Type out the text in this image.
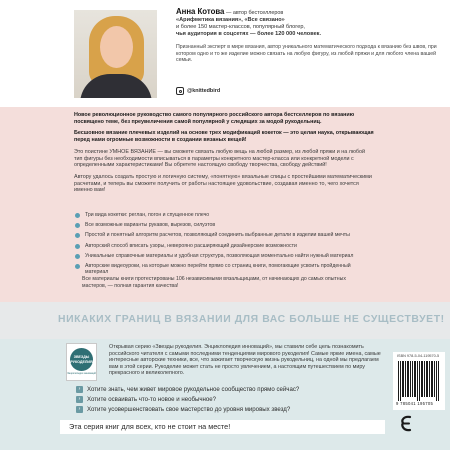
Анна Котова — автор бестселлеров
«Арифметика вязания», «Все связано»
и более 150 мастер-классов, популярный блогер,
чья аудитория в соцсетях — более 120 000 человек.
Признанный эксперт в мире вязания, автор уникального математического подхода к вязанию без швов, при котором одно и то же изделие можно связать на любую фигуру, из любой пряжи и для любого члена вашей семьи.
@knittedbird

Новое революционное руководство самого популярного российского автора бестселлеров по вязанию посвящено теме, без преувеличения самой популярной у следящих за модой рукодельниц.

Бесшовное вязание плечевых изделий на основе трех модификаций кокеток — это целая наука, открывающая перед нами огромные возможности в создании вязаных вещей!

Это поистине УМНОЕ ВЯЗАНИЕ — вы сможете связать любую вещь на любой размер, из любой пряжи и на любой тип фигуры без необходимости вписываться в параметры конкретного мастер-класса или конкретной модели с определенными характеристиками! Вы обретете настоящую свободу творчества, свободу действий!

Автору удалось создать простую и логичную систему, «понятную» вязальные спицы с простейшими математическими расчетами, и теперь вы сможете получить от работы настоящее удовольствие, создавая именно то, чего хочется именно вам!

Три вида кокетки: реглан, погон и спущенное плечо
Все возможные варианты рукавов, вырезов, силуэтов
Простой и понятный алгоритм расчетов, позволяющий соединить выбранные детали в изделии вашей мечты
Авторский способ вписать узоры, неверояно расширяющий дизайнерские возможности
Уникальные справочные материалы и удобная структура, позволяющая моментально найти нужный материал
Авторские видеоуроки, на которые можно перейти прямо со страниц книги, помогающие усвоить пройденный материал
Все материалы книги протестированы 106 независимыми вязальщицами, от начинающих до самых опытных мастеров, — полная гарантия качества!
НИКАКИХ ГРАНИЦ В ВЯЗАНИИ ДЛЯ ВАС БОЛЬШЕ НЕ СУЩЕСТВУЕТ!
ЗВЕЗДЫ РУКОДЕЛИЯ
Энциклопедия инноваций
Открывая серию «Звезды рукоделия. Энциклопедия инноваций», мы ставили себе цель познакомить российского читателя с самыми последними тенденциями мирового рукоделия! Самые яркие имена, самые интересные авторские техники, все, что зажигает творческую жизнь рукодельниц, на одной мы предлагаем вам в этой серии. Рукоделие может стать не просто увлечением, а настоящим путешествием по миру прекрасного и великолепного.
›	Хотите знать, чем живет мировое рукодельное сообщество прямо сейчас?
›	Хотите осваивать что-то новое и необычное?
›	Хотите усовершенствовать свое мастерство до уровня мировых звезд?
Эта серия книг для всех, кто не стоит на месте!
ISBN 978-5-04-119570-5
9 785041 195705
